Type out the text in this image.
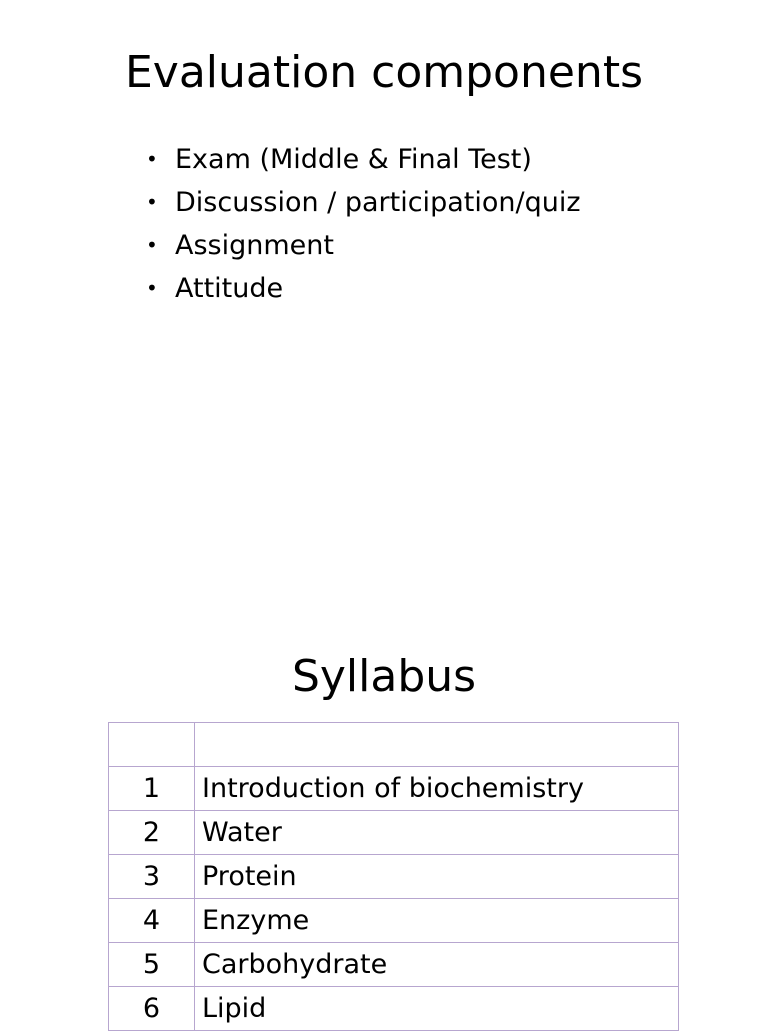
Evaluation components
• Exam (Middle & Final Test)
• Discussion / participation/quiz
• Assignment
• Attitude
Syllabus

1	Introduction of biochemistry
2	Water
3	Protein
4	Enzyme
5	Carbohydrate
6	Lipid
